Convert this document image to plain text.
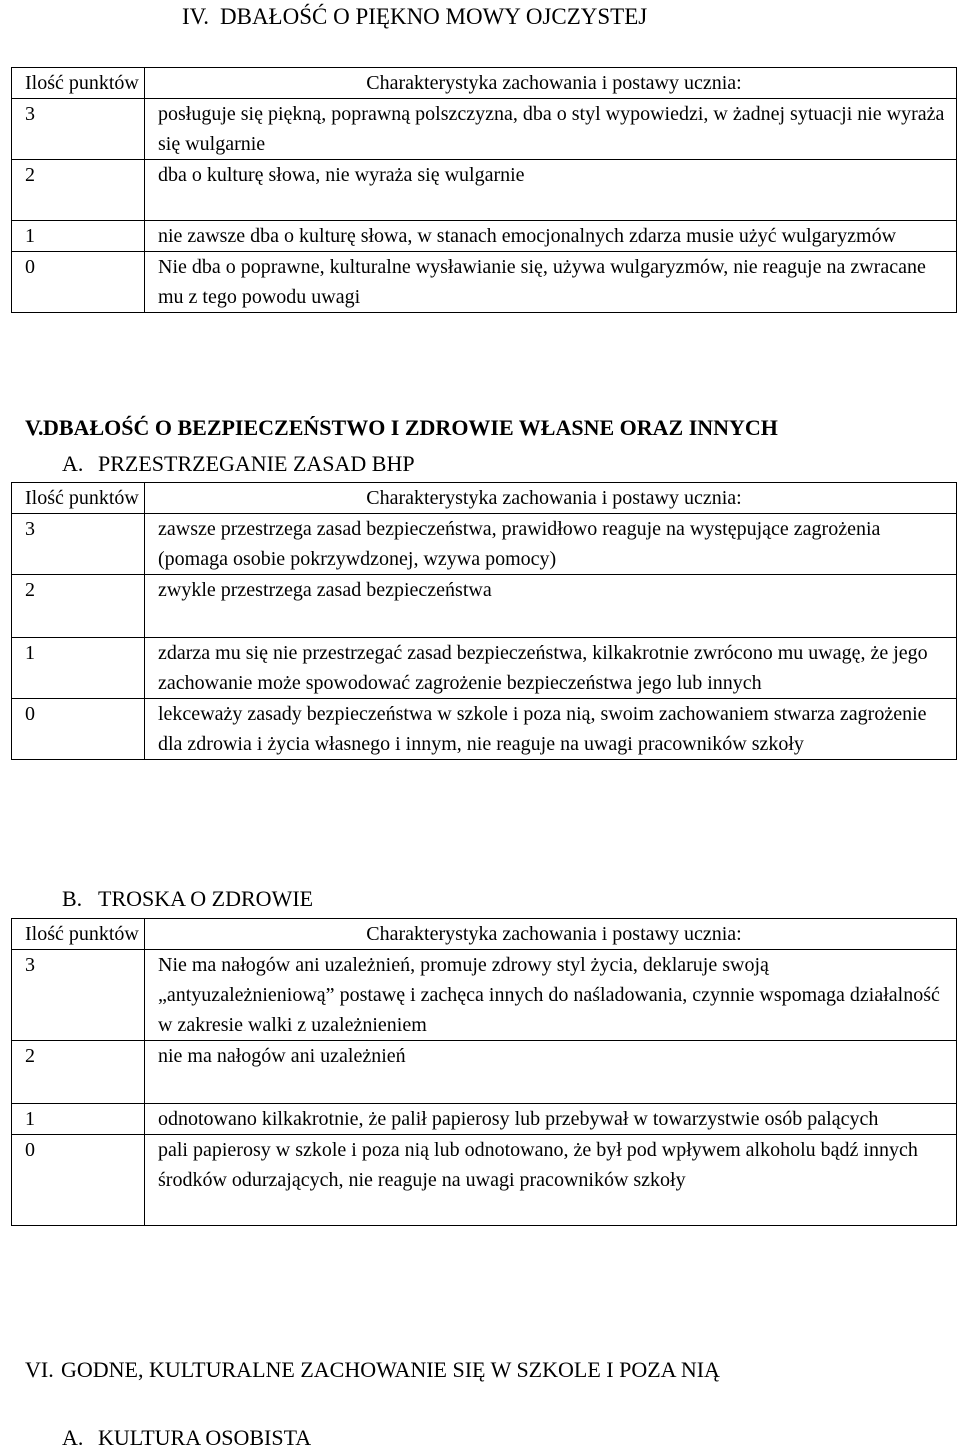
IV. DBAŁOŚĆ O PIĘKNO MOWY OJCZYSTEJ
Ilość punktów	Charakterystyka zachowania i postawy ucznia:
3	posługuje się piękną, poprawną polszczyzna, dba o styl wypowiedzi, w żadnej sytuacji nie wyraża się wulgarnie
2	dba o kulturę słowa, nie wyraża się wulgarnie
1	nie zawsze dba o kulturę słowa, w stanach emocjonalnych zdarza musie użyć wulgaryzmów
0	Nie dba o poprawne, kulturalne wysławianie się, używa wulgaryzmów, nie reaguje na zwracane mu z tego powodu uwagi
V.DBAŁOŚĆ O BEZPIECZEŃSTWO I ZDROWIE WŁASNE ORAZ INNYCH
A. PRZESTRZEGANIE ZASAD BHP
Ilość punktów	Charakterystyka zachowania i postawy ucznia:
3	zawsze przestrzega zasad bezpieczeństwa, prawidłowo reaguje na występujące zagrożenia (pomaga osobie pokrzywdzonej, wzywa pomocy)
2	zwykle przestrzega zasad bezpieczeństwa
1	zdarza mu się nie przestrzegać zasad bezpieczeństwa, kilkakrotnie zwrócono mu uwagę, że jego zachowanie może spowodować zagrożenie bezpieczeństwa jego lub innych
0	lekceważy zasady bezpieczeństwa w szkole i poza nią, swoim zachowaniem stwarza zagrożenie dla zdrowia i życia własnego i innym, nie reaguje na uwagi pracowników szkoły
B. TROSKA O ZDROWIE
Ilość punktów	Charakterystyka zachowania i postawy ucznia:
3	Nie ma nałogów ani uzależnień, promuje zdrowy styl życia, deklaruje swoją „antyuzależnieniową” postawę i zachęca innych do naśladowania, czynnie wspomaga działalność w zakresie walki z uzależnieniem
2	nie ma nałogów ani uzależnień
1	odnotowano kilkakrotnie, że palił papierosy lub przebywał w towarzystwie osób palących
0	pali papierosy w szkole i poza nią lub odnotowano, że był pod wpływem alkoholu bądź innych środków odurzających, nie reaguje na uwagi pracowników szkoły
VI. GODNE, KULTURALNE ZACHOWANIE SIĘ W SZKOLE I POZA NIĄ
A. KULTURA OSOBISTA
